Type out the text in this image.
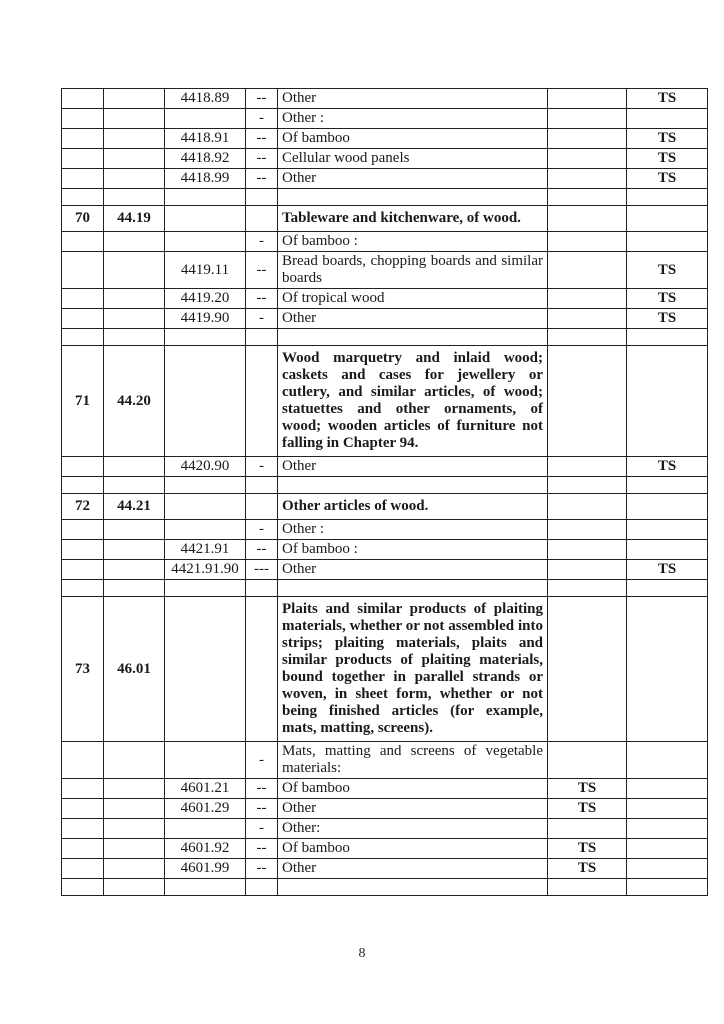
		4418.89	--	Other		TS
			-	Other :		
		4418.91	--	Of bamboo		TS
		4418.92	--	Cellular wood panels		TS
		4418.99	--	Other		TS

70	44.19			Tableware and kitchenware, of wood.		
			-	Of bamboo :		
		4419.11	--	Bread boards, chopping boards and similar boards		TS
		4419.20	--	Of tropical wood		TS
		4419.90	-	Other		TS

71	44.20			Wood marquetry and inlaid wood; caskets and cases for jewellery or cutlery, and similar articles, of wood; statuettes and other ornaments, of wood; wooden articles of furniture not falling in Chapter 94.		
		4420.90	-	Other		TS

72	44.21			Other articles of wood.		
			-	Other :		
		4421.91	--	Of bamboo :		
		4421.91.90	---	Other		TS

73	46.01			Plaits and similar products of plaiting materials, whether or not assembled into strips; plaiting materials, plaits and similar products of plaiting materials, bound together in parallel strands or woven, in sheet form, whether or not being finished articles (for example, mats, matting, screens).		
			-	Mats, matting and screens of vegetable materials:		
		4601.21	--	Of bamboo	TS	
		4601.29	--	Other	TS	
			-	Other:		
		4601.92	--	Of bamboo	TS	
		4601.99	--	Other	TS	

8
